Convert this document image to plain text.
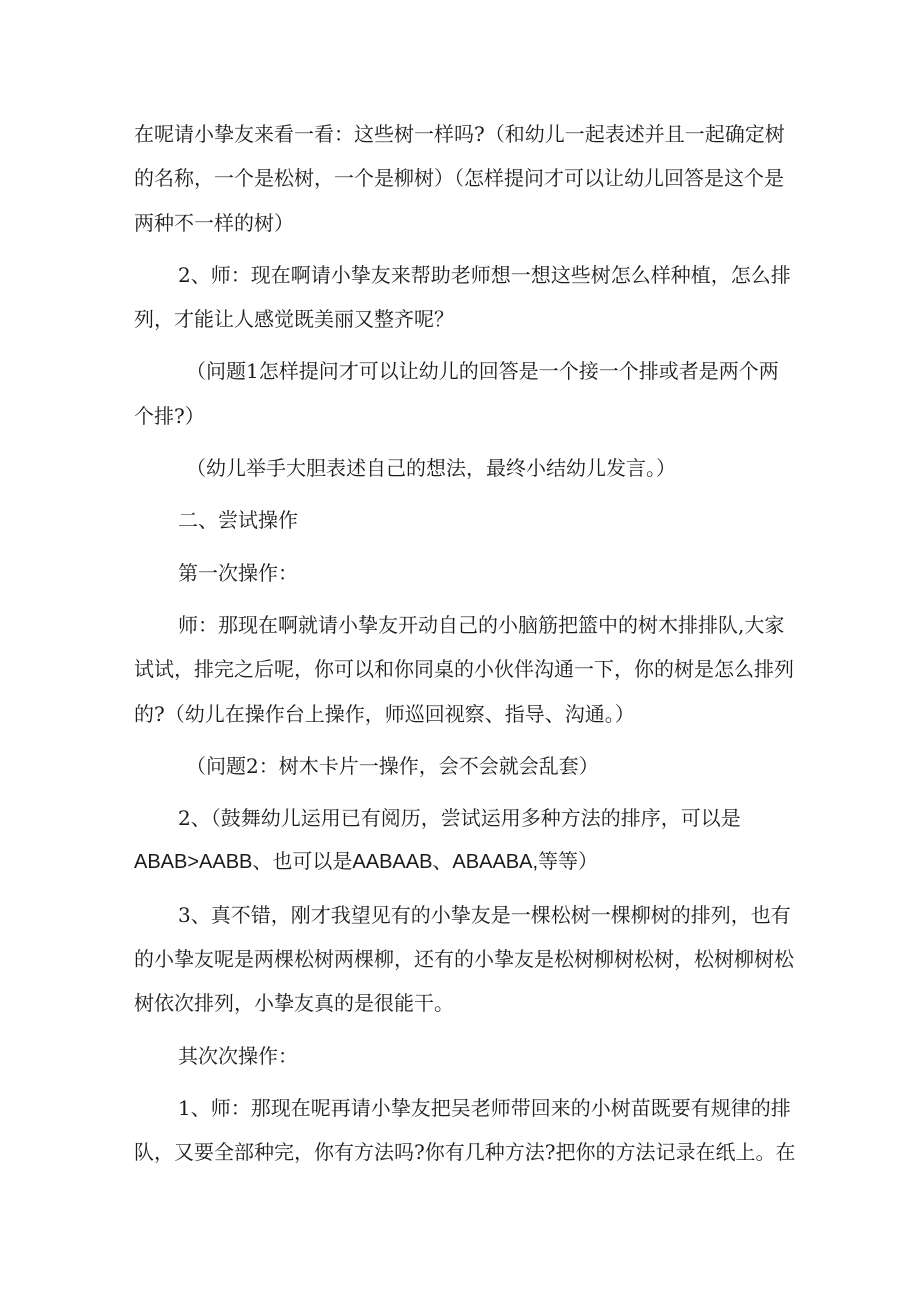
在呢请小挚友来看一看：这些树一样吗?（和幼儿一起表述并且一起确定树
的名称，一个是松树，一个是柳树）（怎样提问才可以让幼儿回答是这个是
两种不一样的树）

2、师：现在啊请小挚友来帮助老师想一想这些树怎么样种植，怎么排
列，才能让人感觉既美丽又整齐呢？

（问题1怎样提问才可以让幼儿的回答是一个接一个排或者是两个两
个排?）

（幼儿举手大胆表述自己的想法，最终小结幼儿发言。）

二、尝试操作

第一次操作：

师：那现在啊就请小挚友开动自己的小脑筋把篮中的树木排排队,大家
试试，排完之后呢，你可以和你同桌的小伙伴沟通一下，你的树是怎么排列
的?（幼儿在操作台上操作，师巡回视察、指导、沟通。）

（问题2：树木卡片一操作，会不会就会乱套）

2、（鼓舞幼儿运用已有阅历，尝试运用多种方法的排序，可以是
ABAB>AABB、也可以是AABAAB、ABAABA,等等）

3、真不错，刚才我望见有的小挚友是一棵松树一棵柳树的排列，也有
的小挚友呢是两棵松树两棵柳，还有的小挚友是松树柳树松树，松树柳树松
树依次排列，小挚友真的是很能干。

其次次操作：

1、师：那现在呢再请小挚友把吴老师带回来的小树苗既要有规律的排
队，又要全部种完，你有方法吗?你有几种方法?把你的方法记录在纸上。在
